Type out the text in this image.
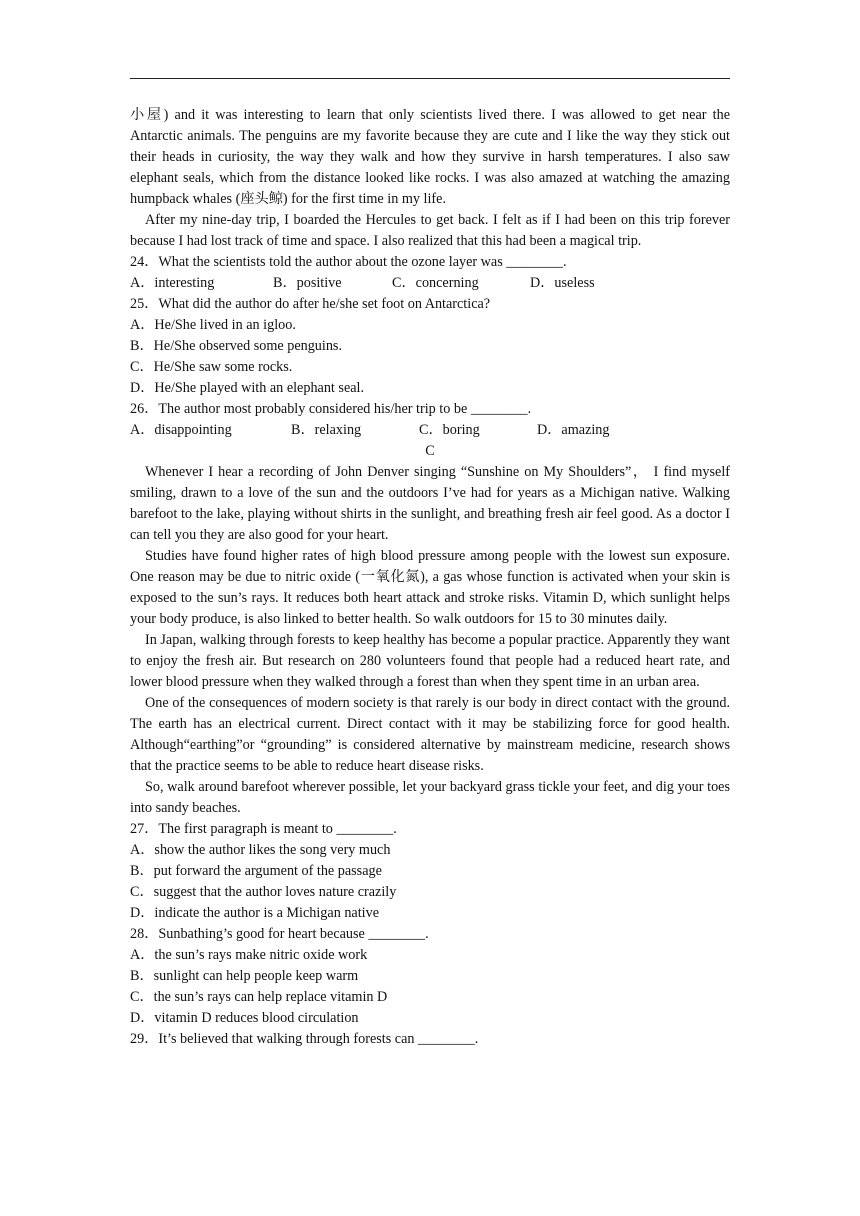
小屋) and it was interesting to learn that only scientists lived there. I was allowed to get near the Antarctic animals. The penguins are my favorite because they are cute and I like the way they stick out their heads in curiosity, the way they walk and how they survive in harsh temperatures. I also saw elephant seals, which from the distance looked like rocks. I was also amazed at watching the amazing humpback whales (座头鲸) for the first time in my life.

After my nine-day trip, I boarded the Hercules to get back. I felt as if I had been on this trip forever because I had lost track of time and space. I also realized that this had been a magical trip.

24．What the scientists told the author about the ozone layer was ________.
A．interesting	B．positive	C．concerning	D．useless
25．What did the author do after he/she set foot on Antarctica?
A．He/She lived in an igloo.
B．He/She observed some penguins.
C．He/She saw some rocks.
D．He/She played with an elephant seal.
26．The author most probably considered his/her trip to be ________.
A．disappointing	B．relaxing	C．boring	D．amazing
C

Whenever I hear a recording of John Denver singing “Sunshine on My Shoulders”， I find myself smiling, drawn to a love of the sun and the outdoors I’ve had for years as a Michigan native. Walking barefoot to the lake, playing without shirts in the sunlight, and breathing fresh air feel good. As a doctor I can tell you they are also good for your heart.

Studies have found higher rates of high blood pressure among people with the lowest sun exposure. One reason may be due to nitric oxide (一氧化氮), a gas whose function is activated when your skin is exposed to the sun’s rays. It reduces both heart attack and stroke risks. Vitamin D, which sunlight helps your body produce, is also linked to better health. So walk outdoors for 15 to 30 minutes daily.

In Japan, walking through forests to keep healthy has become a popular practice. Apparently they want to enjoy the fresh air. But research on 280 volunteers found that people had a reduced heart rate, and lower blood pressure when they walked through a forest than when they spent time in an urban area.

One of the consequences of modern society is that rarely is our body in direct contact with the ground. The earth has an electrical current. Direct contact with it may be stabilizing force for good health. Although“earthing”or “grounding” is considered alternative by mainstream medicine, research shows that the practice seems to be able to reduce heart disease risks.

So, walk around barefoot wherever possible, let your backyard grass tickle your feet, and dig your toes into sandy beaches.

27．The first paragraph is meant to ________.
A．show the author likes the song very much
B．put forward the argument of the passage
C．suggest that the author loves nature crazily
D．indicate the author is a Michigan native
28．Sunbathing’s good for heart because ________.
A．the sun’s rays make nitric oxide work
B．sunlight can help people keep warm
C．the sun’s rays can help replace vitamin D
D．vitamin D reduces blood circulation
29．It’s believed that walking through forests can ________.
